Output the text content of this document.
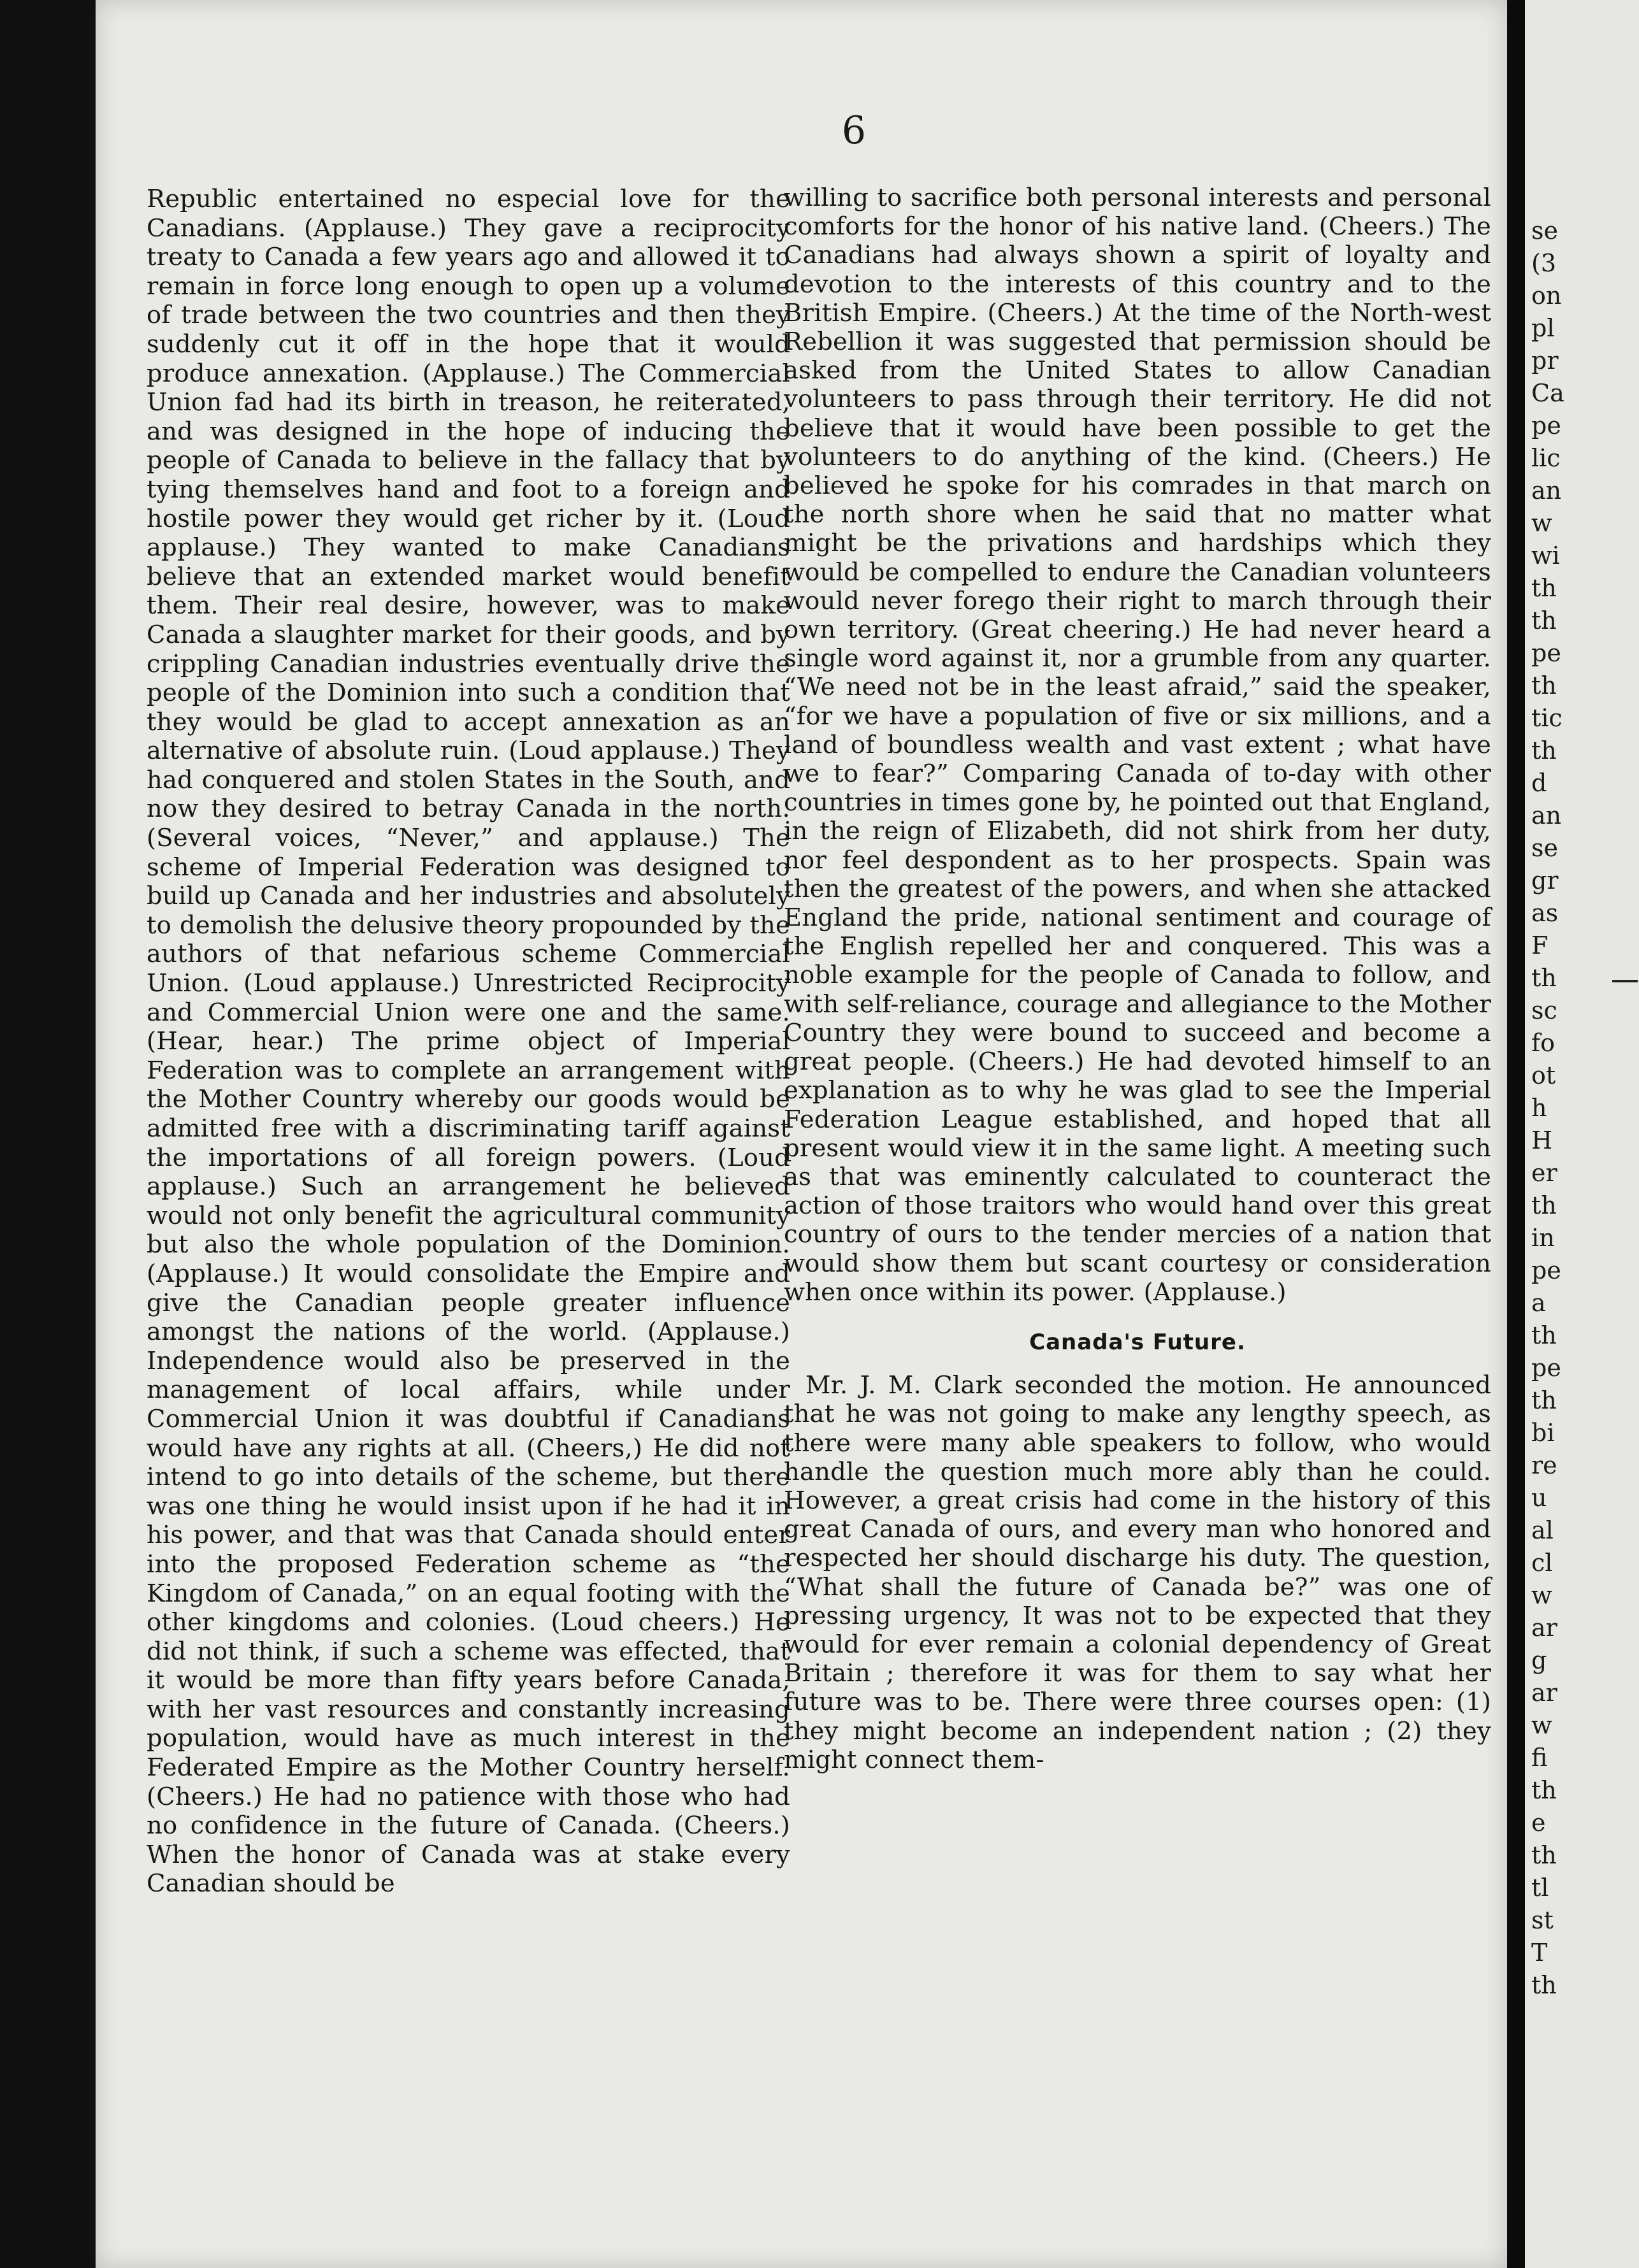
6

Republic entertained no especial love for the Canadians. (Applause.) They gave a reciprocity treaty to Canada a few years ago and allowed it to remain in force long enough to open up a volume of trade between the two countries and then they suddenly cut it off in the hope that it would produce annexation. (Applause.) The Commercial Union fad had its birth in treason, he reiterated, and was designed in the hope of inducing the people of Canada to believe in the fallacy that by tying themselves hand and foot to a foreign and hostile power they would get richer by it. (Loud applause.) They wanted to make Canadians believe that an extended market would benefit them. Their real desire, however, was to make Canada a slaughter market for their goods, and by crippling Canadian industries eventually drive the people of the Dominion into such a condition that they would be glad to accept annexation as an alternative of absolute ruin. (Loud applause.) They had conquered and stolen States in the South, and now they desired to betray Canada in the north. (Several voices, “Never,” and applause.) The scheme of Imperial Federation was designed to build up Canada and her industries and absolutely to demolish the delusive theory propounded by the authors of that nefarious scheme Commercial Union. (Loud applause.) Unrestricted Reciprocity and Commercial Union were one and the same. (Hear, hear.) The prime object of Imperial Federation was to complete an arrangement with the Mother Country whereby our goods would be admitted free with a discriminating tariff against the importations of all foreign powers. (Loud applause.) Such an arrangement he believed would not only benefit the agricultural community but also the whole population of the Dominion. (Applause.) It would consolidate the Empire and give the Canadian people greater influence amongst the nations of the world. (Applause.) Independence would also be preserved in the management of local affairs, while under Commercial Union it was doubtful if Canadians would have any rights at all. (Cheers,) He did not intend to go into details of the scheme, but there was one thing he would insist upon if he had it in his power, and that was that Canada should enter into the proposed Federation scheme as “the Kingdom of Canada,” on an equal footing with the other kingdoms and colonies. (Loud cheers.) He did not think, if such a scheme was effected, that it would be more than fifty years before Canada, with her vast resources and constantly increasing population, would have as much interest in the Federated Empire as the Mother Country herself. (Cheers.) He had no patience with those who had no confidence in the future of Canada. (Cheers.) When the honor of Canada was at stake every Canadian should be

willing to sacrifice both personal interests and personal comforts for the honor of his native land. (Cheers.) The Canadians had always shown a spirit of loyalty and devotion to the interests of this country and to the British Empire. (Cheers.) At the time of the North-west Rebellion it was suggested that permission should be asked from the United States to allow Canadian volunteers to pass through their territory. He did not believe that it would have been possible to get the volunteers to do anything of the kind. (Cheers.) He believed he spoke for his comrades in that march on the north shore when he said that no matter what might be the privations and hardships which they would be compelled to endure the Canadian volunteers would never forego their right to march through their own territory. (Great cheering.) He had never heard a single word against it, nor a grumble from any quarter. “We need not be in the least afraid,” said the speaker, “for we have a population of five or six millions, and a land of boundless wealth and vast extent ; what have we to fear?” Comparing Canada of to-day with other countries in times gone by, he pointed out that England, in the reign of Elizabeth, did not shirk from her duty, nor feel despondent as to her prospects. Spain was then the greatest of the powers, and when she attacked England the pride, national sentiment and courage of the English repelled her and conquered. This was a noble example for the people of Canada to follow, and with self-reliance, courage and allegiance to the Mother Country they were bound to succeed and become a great people. (Cheers.) He had devoted himself to an explanation as to why he was glad to see the Imperial Federation League established, and hoped that all present would view it in the same light. A meeting such as that was eminently calculated to counteract the action of those traitors who would hand over this great country of ours to the tender mercies of a nation that would show them but scant courtesy or consideration when once within its power. (Applause.)

Canada's Future.

Mr. J. M. Clark seconded the motion. He announced that he was not going to make any lengthy speech, as there were many able speakers to follow, who would handle the question much more ably than he could. However, a great crisis had come in the history of this great Canada of ours, and every man who honored and respected her should discharge his duty. The question, “What shall the future of Canada be?” was one of pressing urgency, It was not to be expected that they would for ever remain a colonial dependency of Great Britain ; therefore it was for them to say what her future was to be. There were three courses open: (1) they might become an independent nation ; (2) they might connect them-

se
(3
on
pl
pr
Ca
pe
lic
an
w
wi
th
th
pe
th
tic
th
d
an
se
gr
as
F
th
sc
fo
ot
h
H
er
th
in
pe
a
th
pe
th
bi
re
u
al
cl
w
ar
g
ar
w
fi
th
e
th
tl
st
T
th
